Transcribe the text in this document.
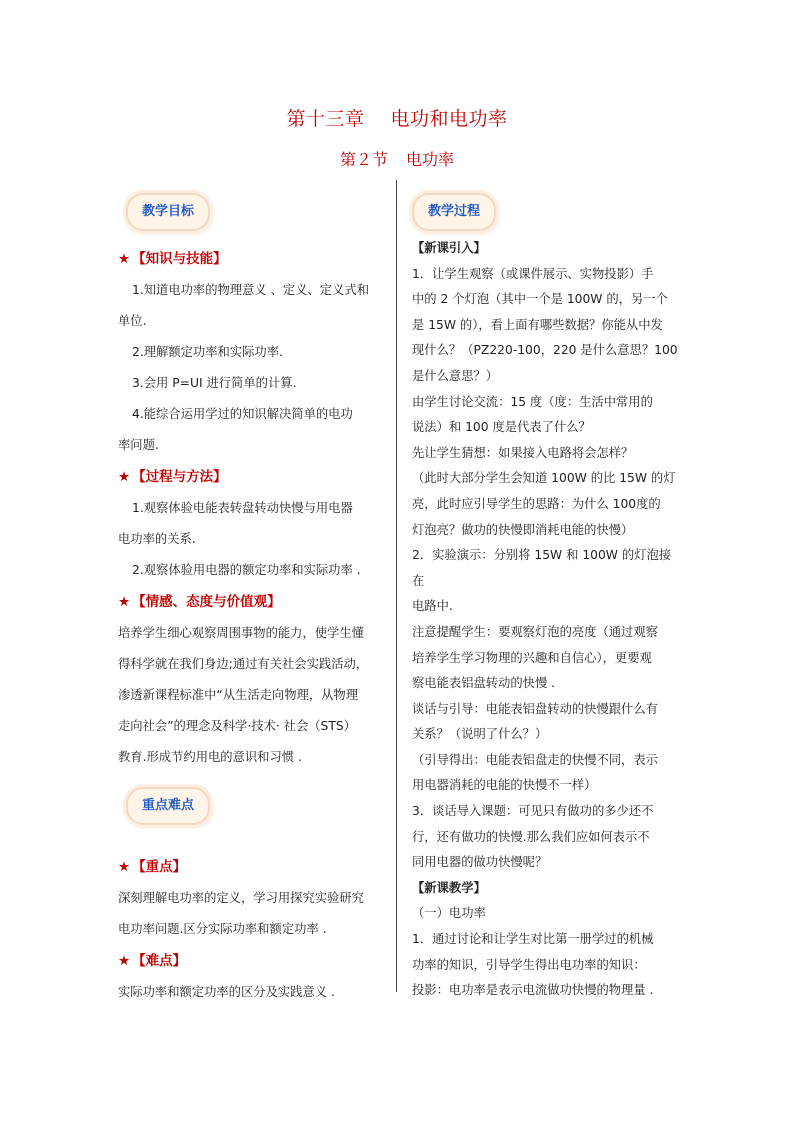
第十三章 电功和电功率
第２节 电功率
教学目标	教学过程
重点难点

★ 【知识与技能】

1.知道电功率的物理意义 、定义、定义式和

单位.

2.理解额定功率和实际功率.

3.会用 P=UI 进行简单的计算.

4.能综合运用学过的知识解决简单的电功

率问题.

★ 【过程与方法】

1.观察体验电能表转盘转动快慢与用电器

电功率的关系.

2.观察体验用电器的额定功率和实际功率 .

★ 【情感、态度与价值观】

培养学生细心观察周围事物的能力，使学生懂

得科学就在我们身边;通过有关社会实践活动，

渗透新课程标准中“从生活走向物理，从物理

走向社会”的理念及科学·技术· 社会（STS）

教育.形成节约用电的意识和习惯 .

★ 【重点】

深刻理解电功率的定义，学习用探究实验研究

电功率问题.区分实际功率和额定功率 .

★ 【难点】

实际功率和额定功率的区分及实践意义 .

【新课引入】

1．让学生观察（或课件展示、实物投影）手

中的 2 个灯泡（其中一个是 100W 的，另一个

是 15W 的），看上面有哪些数据？你能从中发

现什么？（PZ220-100，220 是什么意思？100

是什么意思？）

由学生讨论交流：15 度（度：生活中常用的

说法）和 100 度是代表了什么？

先让学生猜想：如果接入电路将会怎样？

（此时大部分学生会知道 100W 的比 15W 的灯

亮，此时应引导学生的思路：为什么 100度的

灯泡亮？做功的快慢即消耗电能的快慢）

2．实验演示：分别将 15W 和 100W 的灯泡接在

电路中.

注意提醒学生：要观察灯泡的亮度（通过观察

培养学生学习物理的兴趣和自信心），更要观

察电能表铝盘转动的快慢 .

谈话与引导：电能表铝盘转动的快慢跟什么有

关系？（说明了什么？）

（引导得出：电能表铝盘走的快慢不同，表示

用电器消耗的电能的快慢不一样）

3．谈话导入课题：可见只有做功的多少还不

行，还有做功的快慢.那么我们应如何表示不

同用电器的做功快慢呢？

【新课教学】

（一）电功率

1．通过讨论和让学生对比第一册学过的机械

功率的知识，引导学生得出电功率的知识：

投影：电功率是表示电流做功快慢的物理量 .
